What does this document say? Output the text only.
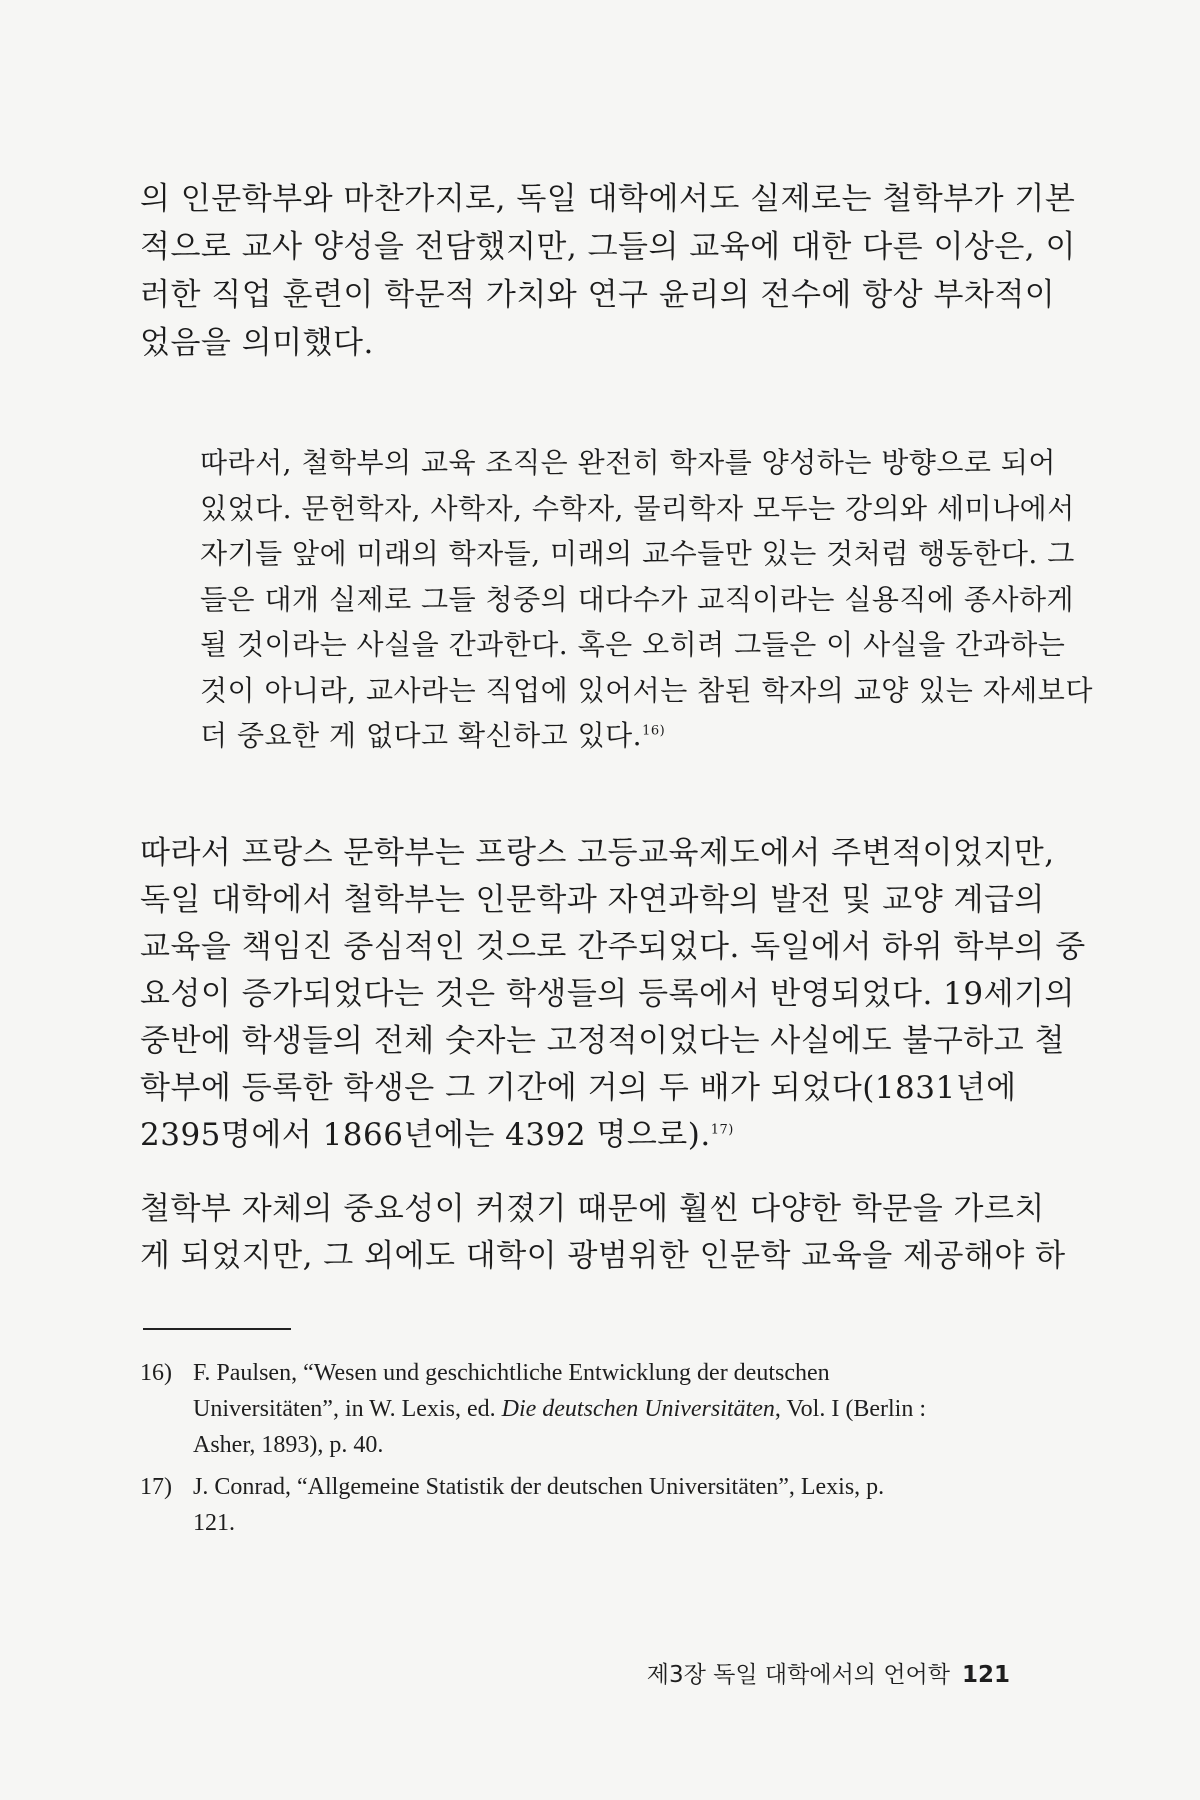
의 인문학부와 마찬가지로, 독일 대학에서도 실제로는 철학부가 기본
적으로 교사 양성을 전담했지만, 그들의 교육에 대한 다른 이상은, 이
러한 직업 훈련이 학문적 가치와 연구 윤리의 전수에 항상 부차적이
었음을 의미했다.
따라서, 철학부의 교육 조직은 완전히 학자를 양성하는 방향으로 되어
있었다. 문헌학자, 사학자, 수학자, 물리학자 모두는 강의와 세미나에서
자기들 앞에 미래의 학자들, 미래의 교수들만 있는 것처럼 행동한다. 그
들은 대개 실제로 그들 청중의 대다수가 교직이라는 실용직에 종사하게
될 것이라는 사실을 간과한다. 혹은 오히려 그들은 이 사실을 간과하는
것이 아니라, 교사라는 직업에 있어서는 참된 학자의 교양 있는 자세보다
더 중요한 게 없다고 확신하고 있다.$^{16)}$
따라서 프랑스 문학부는 프랑스 고등교육제도에서 주변적이었지만,
독일 대학에서 철학부는 인문학과 자연과학의 발전 및 교양 계급의
교육을 책임진 중심적인 것으로 간주되었다. 독일에서 하위 학부의 중
요성이 증가되었다는 것은 학생들의 등록에서 반영되었다. 19세기의
중반에 학생들의 전체 숫자는 고정적이었다는 사실에도 불구하고 철
학부에 등록한 학생은 그 기간에 거의 두 배가 되었다(1831년에
2395명에서 1866년에는 4392 명으로).$^{17)}$
철학부 자체의 중요성이 커졌기 때문에 훨씬 다양한 학문을 가르치
게 되었지만, 그 외에도 대학이 광범위한 인문학 교육을 제공해야 하
16) F. Paulsen, “Wesen und geschichtliche Entwicklung der deutschen
Universitäten”, in W. Lexis, ed. Die deutschen Universitäten, Vol. I (Berlin :
Asher, 1893), p. 40.
17) J. Conrad, “Allgemeine Statistik der deutschen Universitäten”, Lexis, p.
121.
제3장 독일 대학에서의 언어학 121
